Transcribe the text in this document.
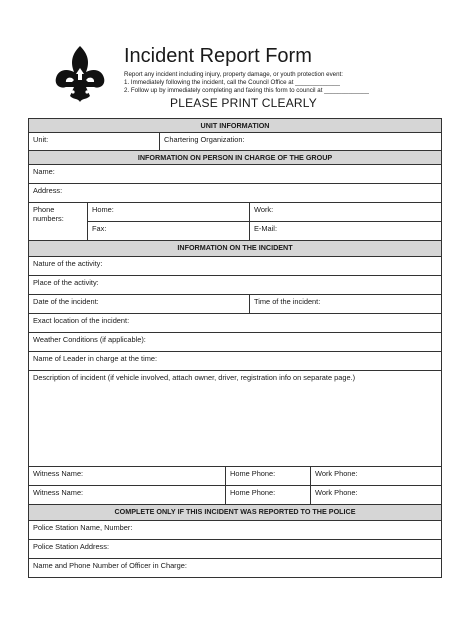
Incident Report Form
Report any incident including injury, property damage, or youth protection event:
1. Immediately following the incident, call the Council Office at _____________
2. Follow up by immediately completing and faxing this form to council at _____________
PLEASE PRINT CLEARLY
UNIT INFORMATION					
Unit:		Chartering Organization:			
INFORMATION ON PERSON IN CHARGE OF THE GROUP					
Name:					
Address:					
Phone numbers:	Home:			Work:	
	Fax:			E-Mail:	
INFORMATION ON THE INCIDENT					
Nature of the activity:					
Place of the activity:					
Date of the incident:				Time of the incident:	
Exact location of the incident:					
Weather Conditions (if applicable):					
Name of Leader in charge at the time:					
Description of incident (if vehicle involved, attach owner, driver, registration info on separate page.)					
Witness Name:			Home Phone:		Work Phone:
Witness Name:			Home Phone:		Work Phone:
COMPLETE ONLY IF THIS INCIDENT WAS REPORTED TO THE POLICE					
Police Station Name, Number:					
Police Station Address:					
Name and Phone Number of Officer in Charge:					
